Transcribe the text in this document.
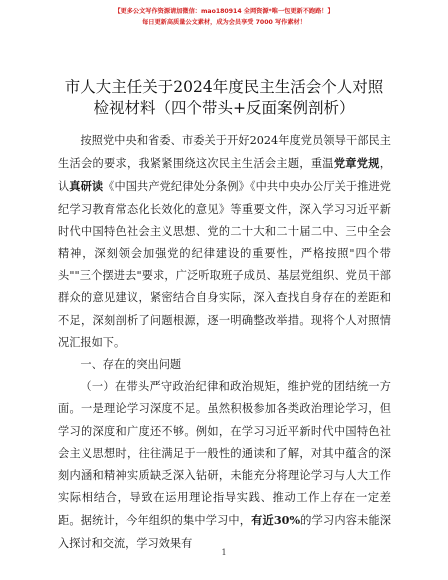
【更多公文写作资源请加微信：mao180914 全网资源*唯一包更新不跑路！】
每日更新高质量公文素材，成为会员享受 7000 写作素材！
市人大主任关于2024年度民主生活会个人对照
检视材料（四个带头+反面案例剖析）

按照党中央和省委、市委关于开好2024年度党员领导干部民主生活会的要求，我紧紧围绕这次民主生活会主题，重温党章党规，认真研读《中国共产党纪律处分条例》《中共中央办公厅关于推进党纪学习教育常态化长效化的意见》等重要文件，深入学习习近平新时代中国特色社会主义思想、党的二十大和二十届二中、三中全会精神，深刻领会加强党的纪律建设的重要性，严格按照"四个带头""三个摆进去"要求，广泛听取班子成员、基层党组织、党员干部群众的意见建议，紧密结合自身实际，深入查找自身存在的差距和不足，深刻剖析了问题根源，逐一明确整改举措。现将个人对照情况汇报如下。

一、存在的突出问题

（一）在带头严守政治纪律和政治规矩，维护党的团结统一方面。一是理论学习深度不足。虽然积极参加各类政治理论学习，但学习的深度和广度还不够。例如，在学习习近平新时代中国特色社会主义思想时，往往满足于一般性的通读和了解，对其中蕴含的深刻内涵和精神实质缺乏深入钻研，未能充分将理论学习与人大工作实际相结合，导致在运用理论指导实践、推动工作上存在一定差距。据统计，今年组织的集中学习中，有近30%的学习内容未能深入探讨和交流，学习效果有

1
